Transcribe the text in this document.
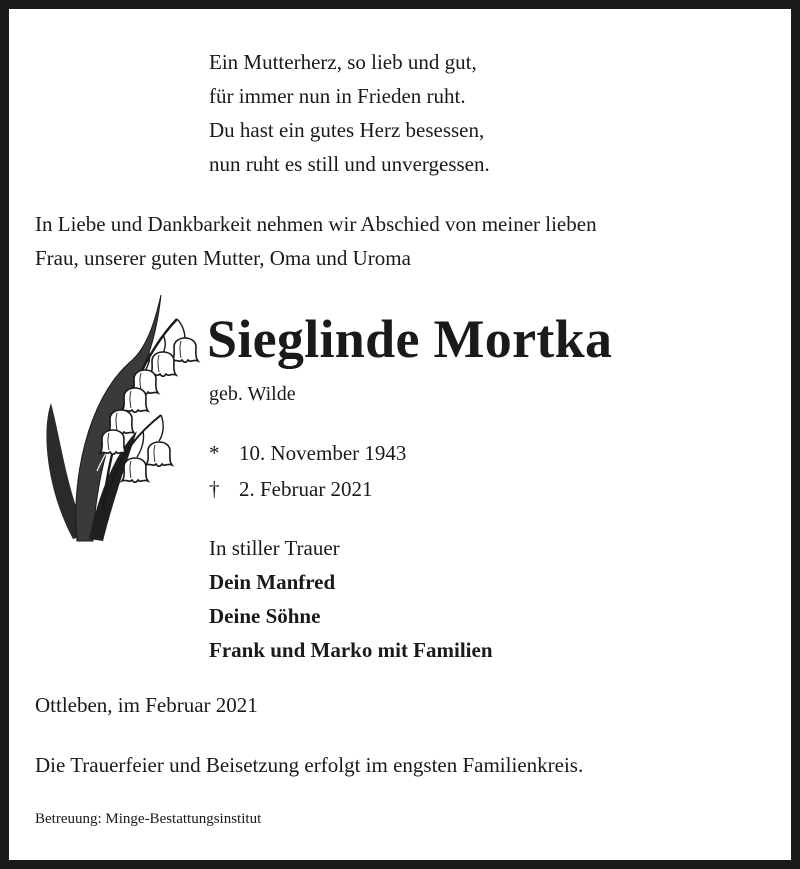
Ein Mutterherz, so lieb und gut,
für immer nun in Frieden ruht.
Du hast ein gutes Herz besessen,
nun ruht es still und unvergessen.
In Liebe und Dankbarkeit nehmen wir Abschied von meiner lieben
Frau, unserer guten Mutter, Oma und Uroma
Sieglinde Mortka
geb. Wilde
* 10. November 1943
† 2. Februar 2021
In stiller Trauer
Dein Manfred
Deine Söhne
Frank und Marko mit Familien
Ottleben, im Februar 2021
Die Trauerfeier und Beisetzung erfolgt im engsten Familienkreis.
Betreuung: Minge-Bestattungsinstitut
